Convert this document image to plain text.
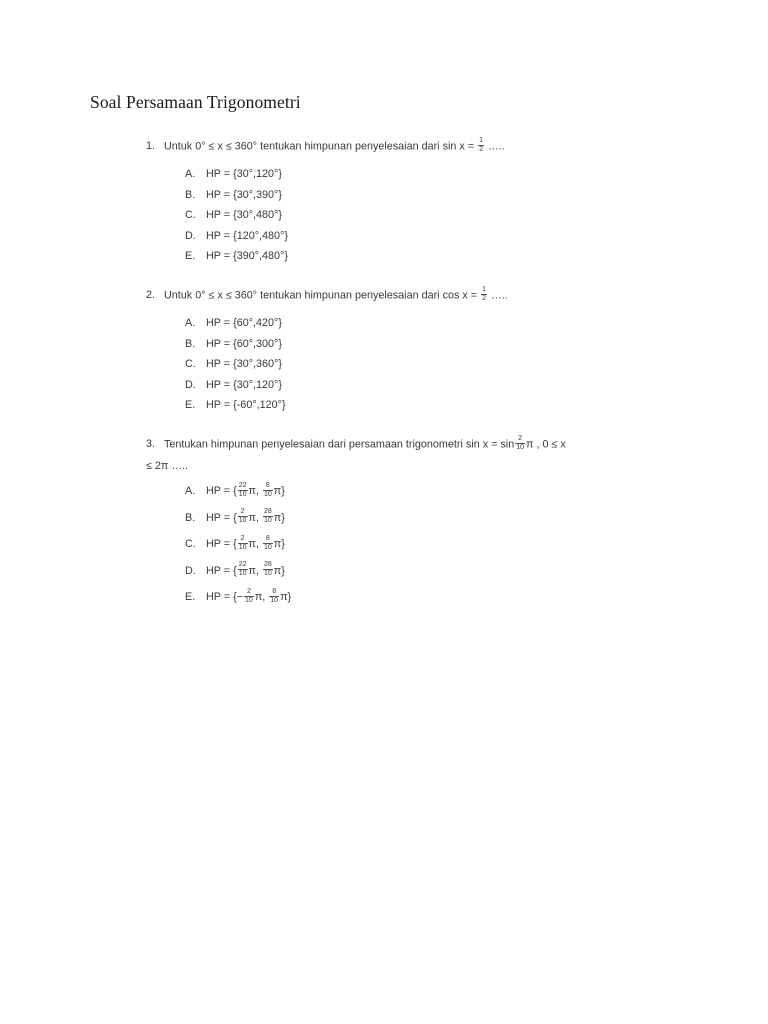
Soal Persamaan Trigonometri
1. Untuk 0° ≤ x ≤ 360° tentukan himpunan penyelesaian dari $\sin x = \frac{1}{2}$ …..
A. HP = {30°,120°}
B. HP = {30°,390°}
C. HP = {30°,480°}
D. HP = {120°,480°}
E. HP = {390°,480°}
2. Untuk 0° ≤ x ≤ 360° tentukan himpunan penyelesaian dari $\cos x = \frac{1}{2}$ …..
A. HP = {60°,420°}
B. HP = {60°,300°}
C. HP = {30°,360°}
D. HP = {30°,120°}
E. HP = {-60°,120°}
3. Tentukan himpunan penyelesaian dari persamaan trigonometri $\sin x = \sin \frac{2}{10}$ π , 0 ≤ x
≤ 2π …..
A. HP = { $\frac{22}{10} \pi$, $\frac{8}{10} \pi$}
B. HP = { $\frac{2}{10} \pi$, $\frac{28}{10} \pi$}
C. HP = { $\frac{2}{10} \pi$, $\frac{8}{10} \pi$}
D. HP = { $\frac{22}{10} \pi$, $\frac{28}{10} \pi$}
E. HP = {− $\frac{2}{10} \pi$, $\frac{8}{10} \pi$}
